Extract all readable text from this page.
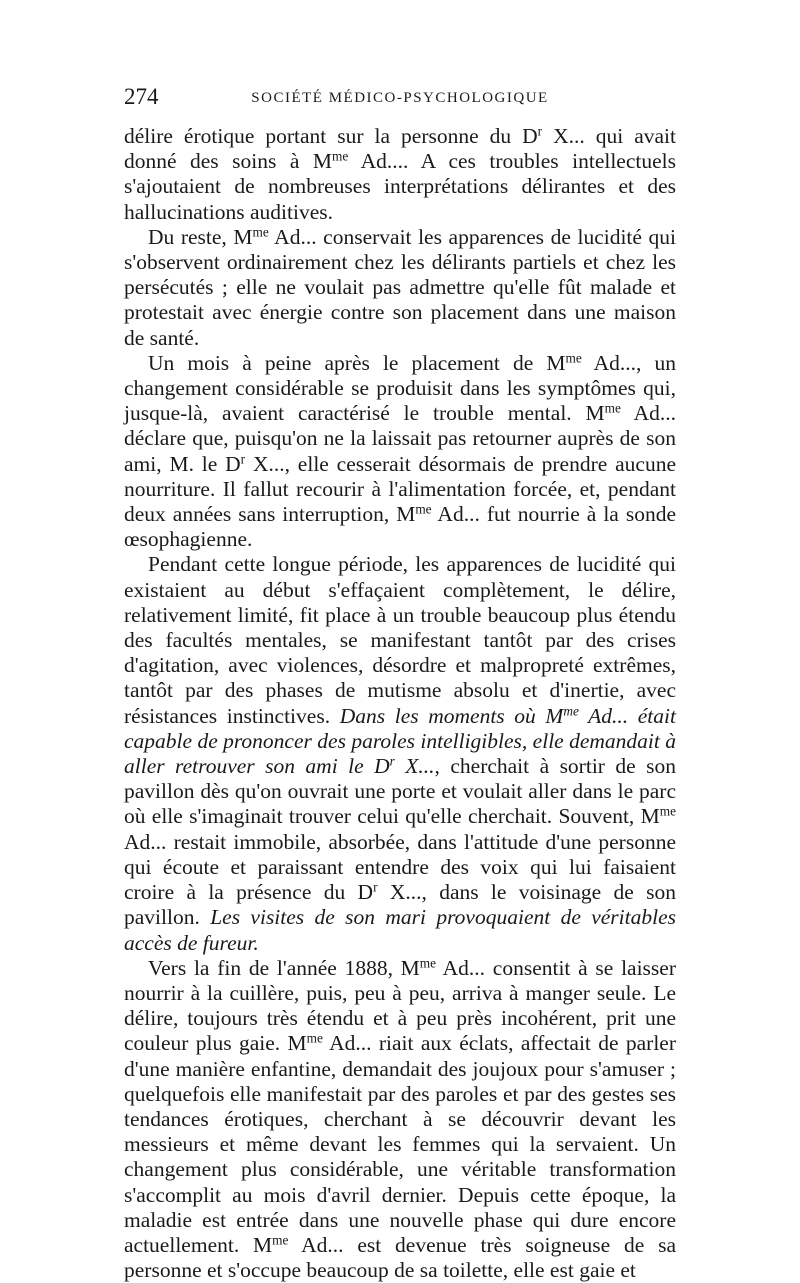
274	SOCIÉTÉ MÉDICO-PSYCHOLOGIQUE

délire érotique portant sur la personne du $D^r$ X... qui avait donné des soins à $M^{me}$ Ad.... A ces troubles intellectuels s'ajoutaient de nombreuses interprétations délirantes et des hallucinations auditives.

Du reste, $M^{me}$ Ad... conservait les apparences de lucidité qui s'observent ordinairement chez les délirants partiels et chez les persécutés ; elle ne voulait pas admettre qu'elle fût malade et protestait avec énergie contre son placement dans une maison de santé.

Un mois à peine après le placement de $M^{me}$ Ad..., un changement considérable se produisit dans les symptômes qui, jusque-là, avaient caractérisé le trouble mental. $M^{me}$ Ad... déclare que, puisqu'on ne la laissait pas retourner auprès de son ami, M. le $D^r$ X..., elle cesserait désormais de prendre aucune nourriture. Il fallut recourir à l'alimentation forcée, et, pendant deux années sans interruption, $M^{me}$ Ad... fut nourrie à la sonde œsophagienne.

Pendant cette longue période, les apparences de lucidité qui existaient au début s'effaçaient complètement, le délire, relativement limité, fit place à un trouble beaucoup plus étendu des facultés mentales, se manifestant tantôt par des crises d'agitation, avec violences, désordre et malpropreté extrêmes, tantôt par des phases de mutisme absolu et d'inertie, avec résistances instinctives. Dans les moments où $M^{me}$ Ad... était capable de prononcer des paroles intelligibles, elle demandait à aller retrouver son ami le $D^r$ X..., cherchait à sortir de son pavillon dès qu'on ouvrait une porte et voulait aller dans le parc où elle s'imaginait trouver celui qu'elle cherchait. Souvent, $M^{me}$ Ad... restait immobile, absorbée, dans l'attitude d'une personne qui écoute et paraissant entendre des voix qui lui faisaient croire à la présence du $D^r$ X..., dans le voisinage de son pavillon. Les visites de son mari provoquaient de véritables accès de fureur.

Vers la fin de l'année 1888, $M^{me}$ Ad... consentit à se laisser nourrir à la cuillère, puis, peu à peu, arriva à manger seule. Le délire, toujours très étendu et à peu près incohérent, prit une couleur plus gaie. $M^{me}$ Ad... riait aux éclats, affectait de parler d'une manière enfantine, demandait des joujoux pour s'amuser ; quelquefois elle manifestait par des paroles et par des gestes ses tendances érotiques, cherchant à se découvrir devant les messieurs et même devant les femmes qui la servaient. Un changement plus considérable, une véritable transformation s'accomplit au mois d'avril dernier. Depuis cette époque, la maladie est entrée dans une nouvelle phase qui dure encore actuellement. $M^{me}$ Ad... est devenue très soigneuse de sa personne et s'occupe beaucoup de sa toilette, elle est gaie et
